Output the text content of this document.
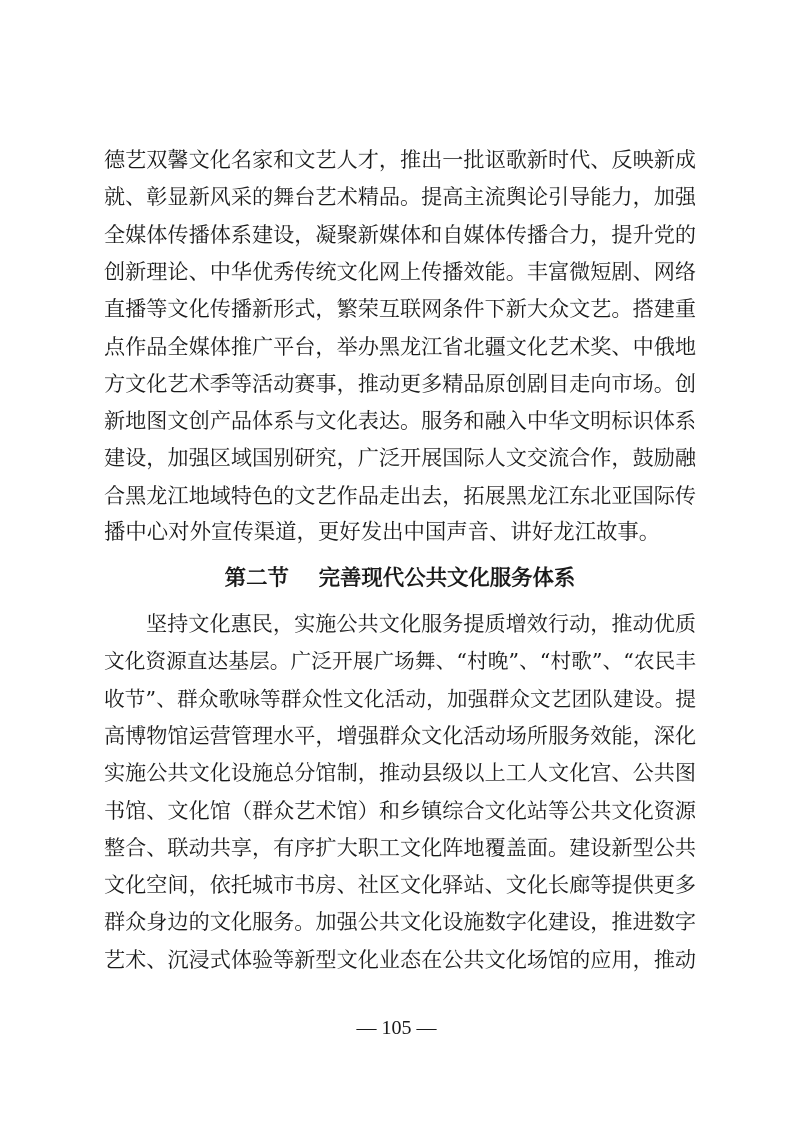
德艺双馨文化名家和文艺人才，推出一批讴歌新时代、反映新成
就、彰显新风采的舞台艺术精品。提高主流舆论引导能力，加强
全媒体传播体系建设，凝聚新媒体和自媒体传播合力，提升党的
创新理论、中华优秀传统文化网上传播效能。丰富微短剧、网络
直播等文化传播新形式，繁荣互联网条件下新大众文艺。搭建重
点作品全媒体推广平台，举办黑龙江省北疆文化艺术奖、中俄地
方文化艺术季等活动赛事，推动更多精品原创剧目走向市场。创
新地图文创产品体系与文化表达。服务和融入中华文明标识体系
建设，加强区域国别研究，广泛开展国际人文交流合作，鼓励融
合黑龙江地域特色的文艺作品走出去，拓展黑龙江东北亚国际传
播中心对外宣传渠道，更好发出中国声音、讲好龙江故事。
第二节    完善现代公共文化服务体系
坚持文化惠民，实施公共文化服务提质增效行动，推动优质
文化资源直达基层。广泛开展广场舞、“村晚”、“村歌”、“农民丰
收节”、群众歌咏等群众性文化活动，加强群众文艺团队建设。提
高博物馆运营管理水平，增强群众文化活动场所服务效能，深化
实施公共文化设施总分馆制，推动县级以上工人文化宫、公共图
书馆、文化馆（群众艺术馆）和乡镇综合文化站等公共文化资源
整合、联动共享，有序扩大职工文化阵地覆盖面。建设新型公共
文化空间，依托城市书房、社区文化驿站、文化长廊等提供更多
群众身边的文化服务。加强公共文化设施数字化建设，推进数字
艺术、沉浸式体验等新型文化业态在公共文化场馆的应用，推动
— 105 —
